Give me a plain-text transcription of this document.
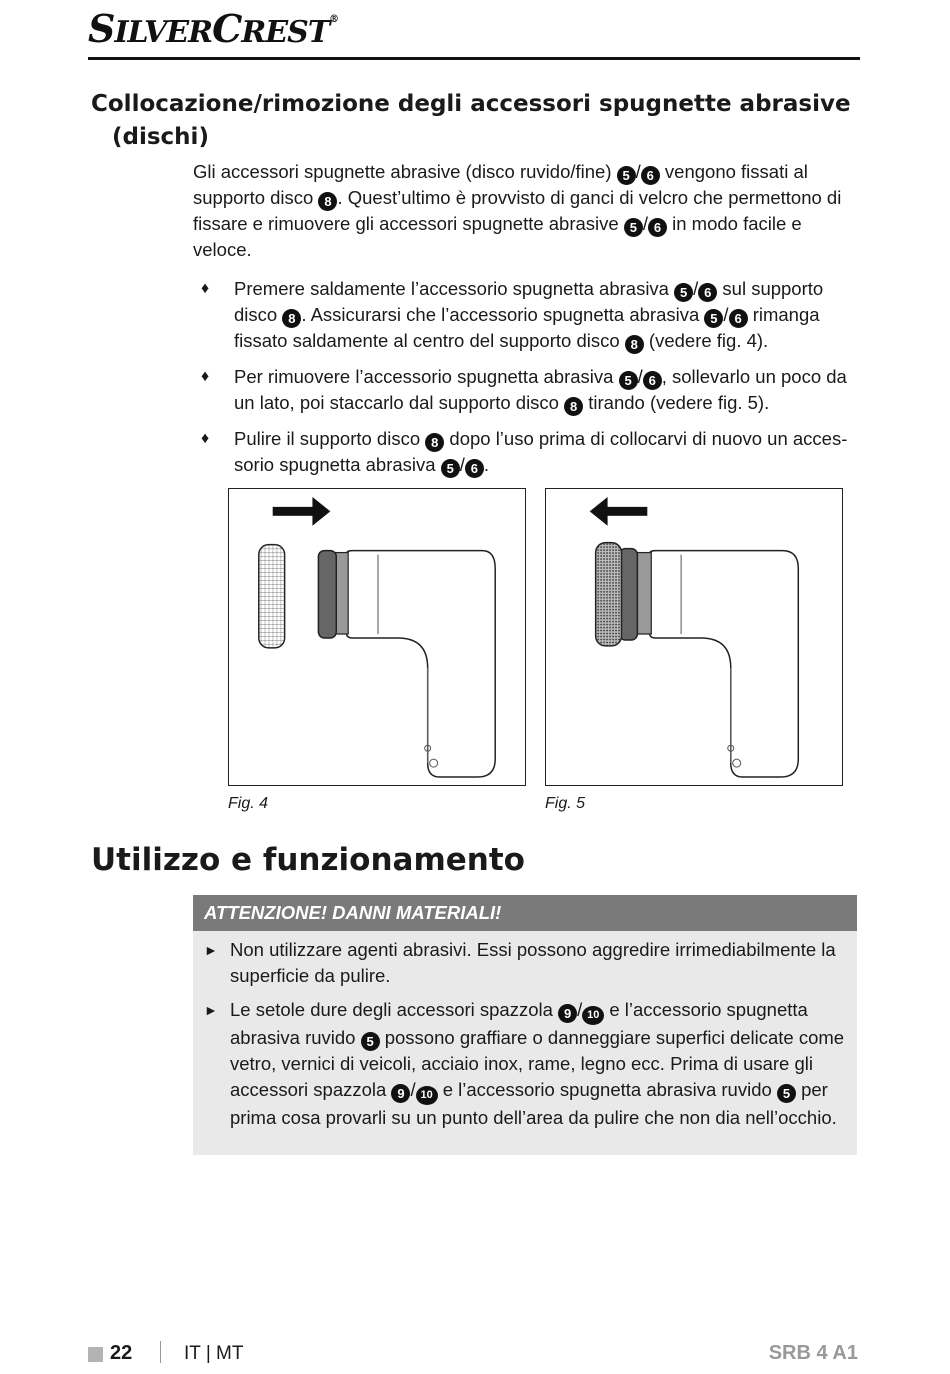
SILVERCREST®
Collocazione/rimozione degli accessori spugnette abrasive
(dischi)

Gli accessori spugnette abrasive (disco ruvido/fine) 5 / 6 vengono fissati al supporto disco 8 . Quest’ultimo è provvisto di ganci di velcro che permettono di fissare e rimuovere gli accessori spugnette abrasive 5 / 6 in modo facile e veloce.

♦ Premere saldamente l’accessorio spugnetta abrasiva 5 / 6 sul supporto disco 8 . Assicurarsi che l’accessorio spugnetta abrasiva 5 / 6 rimanga fissato saldamente al centro del supporto disco 8 (vedere fig. 4).
♦ Per rimuovere l’accessorio spugnetta abrasiva 5 / 6 , sollevarlo un poco da un lato, poi staccarlo dal supporto disco 8 tirando (vedere fig. 5).
♦ Pulire il supporto disco 8 dopo l’uso prima di collocarvi di nuovo un accessorio spugnetta abrasiva 5 / 6 .
Fig. 4	Fig. 5
Utilizzo e funzionamento
ATTENZIONE! DANNI MATERIALI!
► Non utilizzare agenti abrasivi. Essi possono aggredire irrimediabilmente la superficie da pulire.
► Le setole dure degli accessori spazzola 9 / 10 e l’accessorio spugnetta abrasiva ruvido 5 possono graffiare o danneggiare superfici delicate come vetro, vernici di veicoli, acciaio inox, rame, legno ecc. Prima di usare gli accessori spazzola 9 / 10 e l’accessorio spugnetta abrasiva ruvido 5 per prima cosa provarli su un punto dell’area da pulire che non dia nell’occhio.
22	IT | MT	SRB 4 A1
